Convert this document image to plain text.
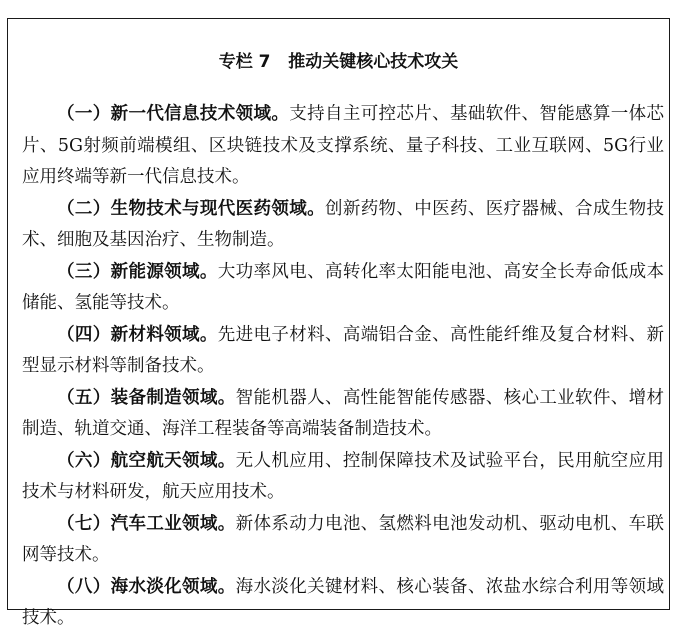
专栏 7   推动关键核心技术攻关

（一）新一代信息技术领域。支持自主可控芯片、基础软件、智能感算一体芯片、5G射频前端模组、区块链技术及支撑系统、量子科技、工业互联网、5G行业应用终端等新一代信息技术。

（二）生物技术与现代医药领域。创新药物、中医药、医疗器械、合成生物技术、细胞及基因治疗、生物制造。

（三）新能源领域。大功率风电、高转化率太阳能电池、高安全长寿命低成本储能、氢能等技术。

（四）新材料领域。先进电子材料、高端铝合金、高性能纤维及复合材料、新型显示材料等制备技术。

（五）装备制造领域。智能机器人、高性能智能传感器、核心工业软件、增材制造、轨道交通、海洋工程装备等高端装备制造技术。

（六）航空航天领域。无人机应用、控制保障技术及试验平台，民用航空应用技术与材料研发，航天应用技术。

（七）汽车工业领域。新体系动力电池、氢燃料电池发动机、驱动电机、车联网等技术。

（八）海水淡化领域。海水淡化关键材料、核心装备、浓盐水综合利用等领域技术。
